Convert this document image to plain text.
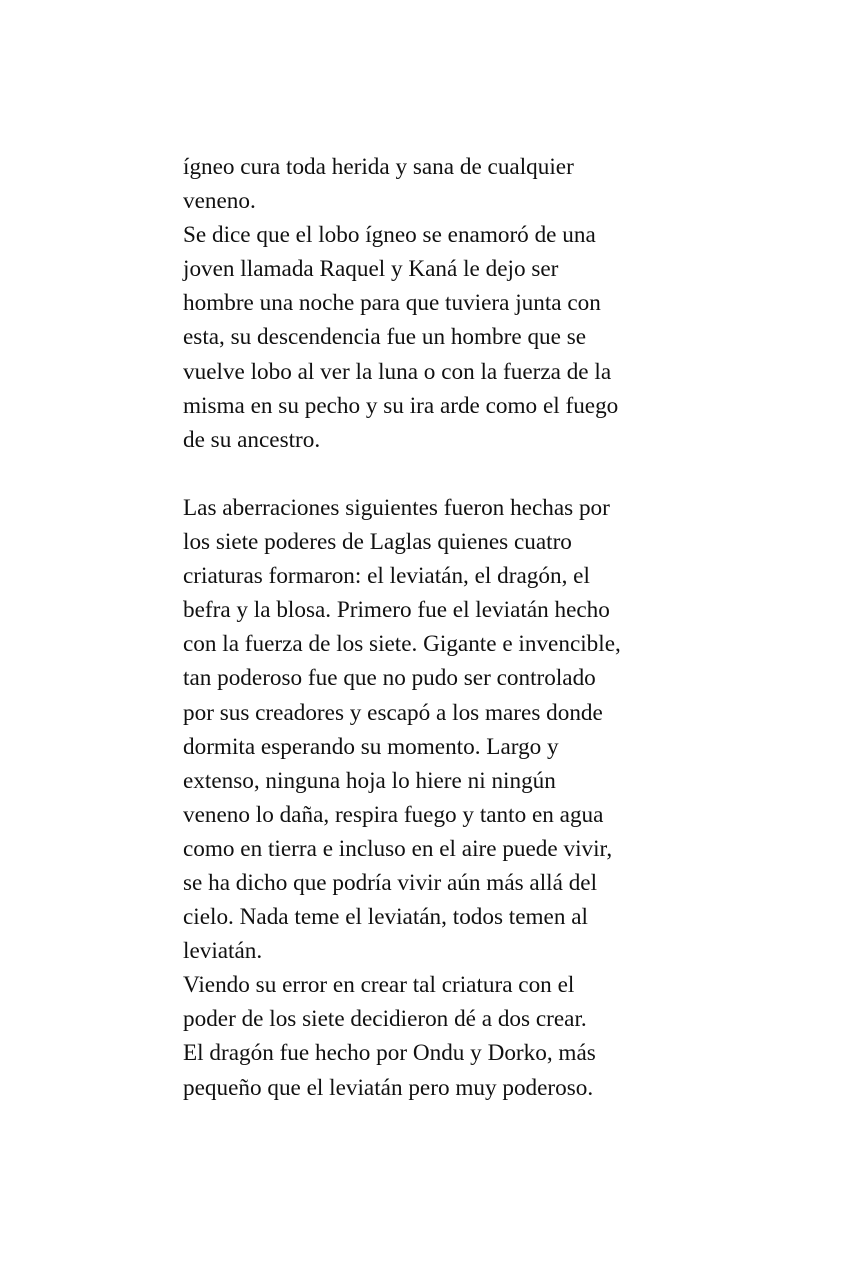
ígneo cura toda herida y sana de cualquier
veneno.
Se dice que el lobo ígneo se enamoró de una
joven llamada Raquel y Kaná le dejo ser
hombre una noche para que tuviera junta con
esta, su descendencia fue un hombre que se
vuelve lobo al ver la luna o con la fuerza de la
misma en su pecho y su ira arde como el fuego
de su ancestro.
Las aberraciones siguientes fueron hechas por
los siete poderes de Laglas quienes cuatro
criaturas formaron: el leviatán, el dragón, el
befra y la blosa. Primero fue el leviatán hecho
con la fuerza de los siete. Gigante e invencible,
tan poderoso fue que no pudo ser controlado
por sus creadores y escapó a los mares donde
dormita esperando su momento. Largo y
extenso, ninguna hoja lo hiere ni ningún
veneno lo daña, respira fuego y tanto en agua
como en tierra e incluso en el aire puede vivir,
se ha dicho que podría vivir aún más allá del
cielo. Nada teme el leviatán, todos temen al
leviatán.
Viendo su error en crear tal criatura con el
poder de los siete decidieron dé a dos crear.
El dragón fue hecho por Ondu y Dorko, más
pequeño que el leviatán pero muy poderoso.
